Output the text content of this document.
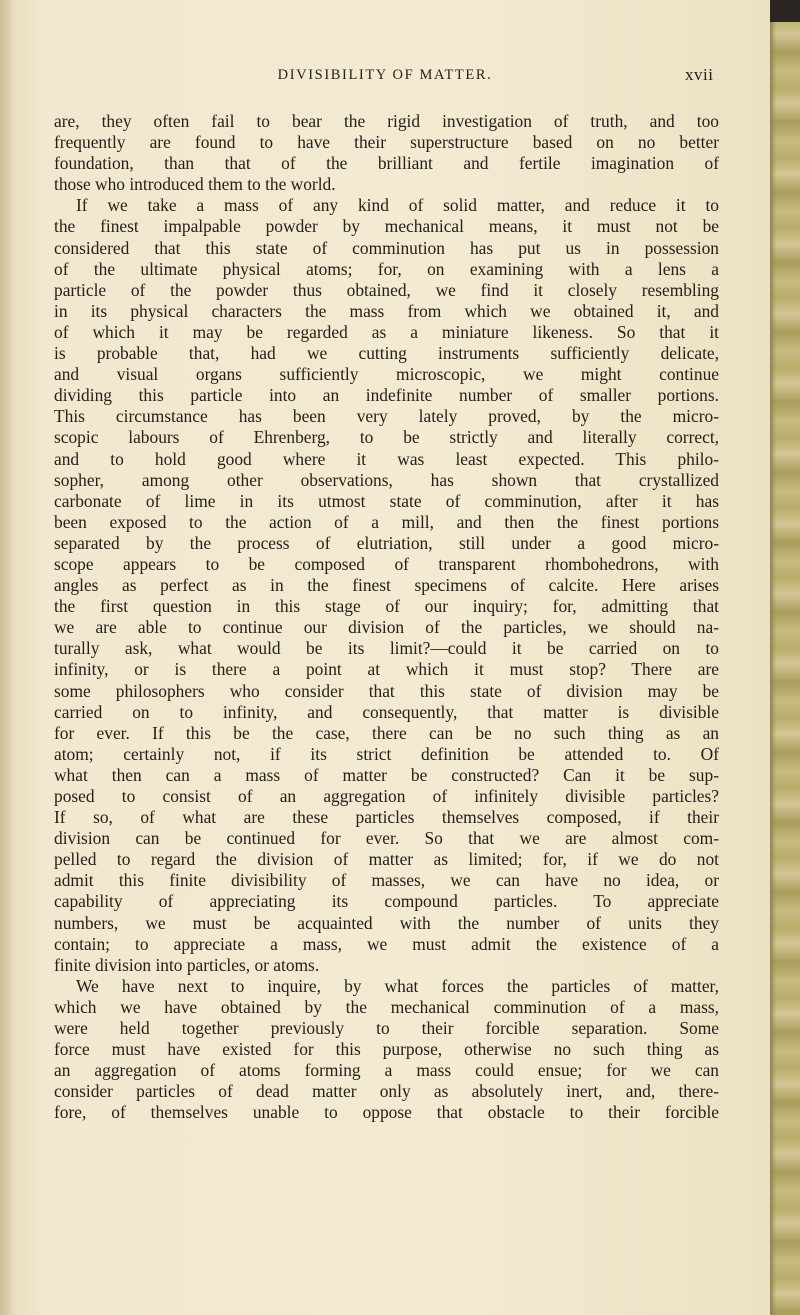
DIVISIBILITY OF MATTER.	xvii
are, they often fail to bear the rigid investigation of truth, and too
frequently are found to have their superstructure based on no better
foundation, than that of the brilliant and fertile imagination of
those who introduced them to the world.
If we take a mass of any kind of solid matter, and reduce it to
the finest impalpable powder by mechanical means, it must not be
considered that this state of comminution has put us in possession
of the ultimate physical atoms; for, on examining with a lens a
particle of the powder thus obtained, we find it closely resembling
in its physical characters the mass from which we obtained it, and
of which it may be regarded as a miniature likeness. So that it
is probable that, had we cutting instruments sufficiently delicate,
and visual organs sufficiently microscopic, we might continue
dividing this particle into an indefinite number of smaller portions.
This circumstance has been very lately proved, by the micro-
scopic labours of Ehrenberg, to be strictly and literally correct,
and to hold good where it was least expected. This philo-
sopher, among other observations, has shown that crystallized
carbonate of lime in its utmost state of comminution, after it has
been exposed to the action of a mill, and then the finest portions
separated by the process of elutriation, still under a good micro-
scope appears to be composed of transparent rhombohedrons, with
angles as perfect as in the finest specimens of calcite. Here arises
the first question in this stage of our inquiry; for, admitting that
we are able to continue our division of the particles, we should na-
turally ask, what would be its limit?—could it be carried on to
infinity, or is there a point at which it must stop? There are
some philosophers who consider that this state of division may be
carried on to infinity, and consequently, that matter is divisible
for ever. If this be the case, there can be no such thing as an
atom; certainly not, if its strict definition be attended to. Of
what then can a mass of matter be constructed? Can it be sup-
posed to consist of an aggregation of infinitely divisible particles?
If so, of what are these particles themselves composed, if their
division can be continued for ever. So that we are almost com-
pelled to regard the division of matter as limited; for, if we do not
admit this finite divisibility of masses, we can have no idea, or
capability of appreciating its compound particles. To appreciate
numbers, we must be acquainted with the number of units they
contain; to appreciate a mass, we must admit the existence of a
finite division into particles, or atoms.
We have next to inquire, by what forces the particles of matter,
which we have obtained by the mechanical comminution of a mass,
were held together previously to their forcible separation. Some
force must have existed for this purpose, otherwise no such thing as
an aggregation of atoms forming a mass could ensue; for we can
consider particles of dead matter only as absolutely inert, and, there-
fore, of themselves unable to oppose that obstacle to their forcible
